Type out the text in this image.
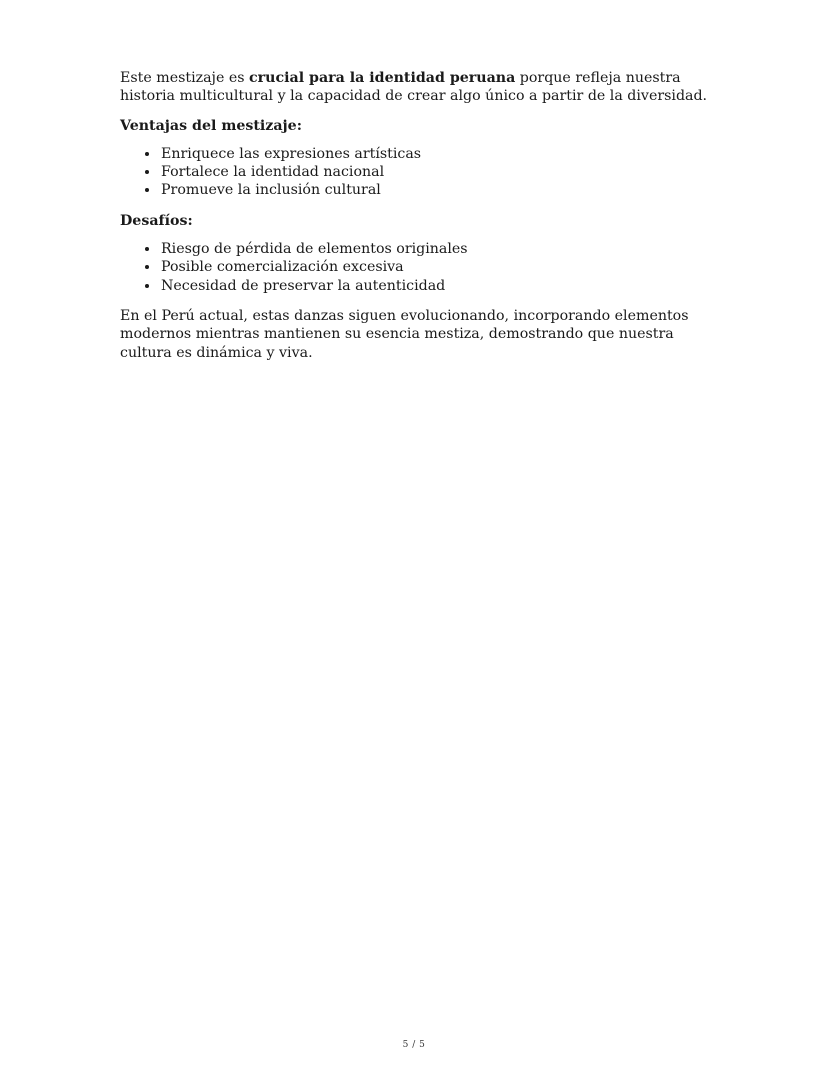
Este mestizaje es crucial para la identidad peruana porque refleja nuestra historia multicultural y la capacidad de crear algo único a partir de la diversidad.

Ventajas del mestizaje:

• Enriquece las expresiones artísticas
• Fortalece la identidad nacional
• Promueve la inclusión cultural

Desafíos:

• Riesgo de pérdida de elementos originales
• Posible comercialización excesiva
• Necesidad de preservar la autenticidad

En el Perú actual, estas danzas siguen evolucionando, incorporando elementos modernos mientras mantienen su esencia mestiza, demostrando que nuestra cultura es dinámica y viva.

5 / 5
